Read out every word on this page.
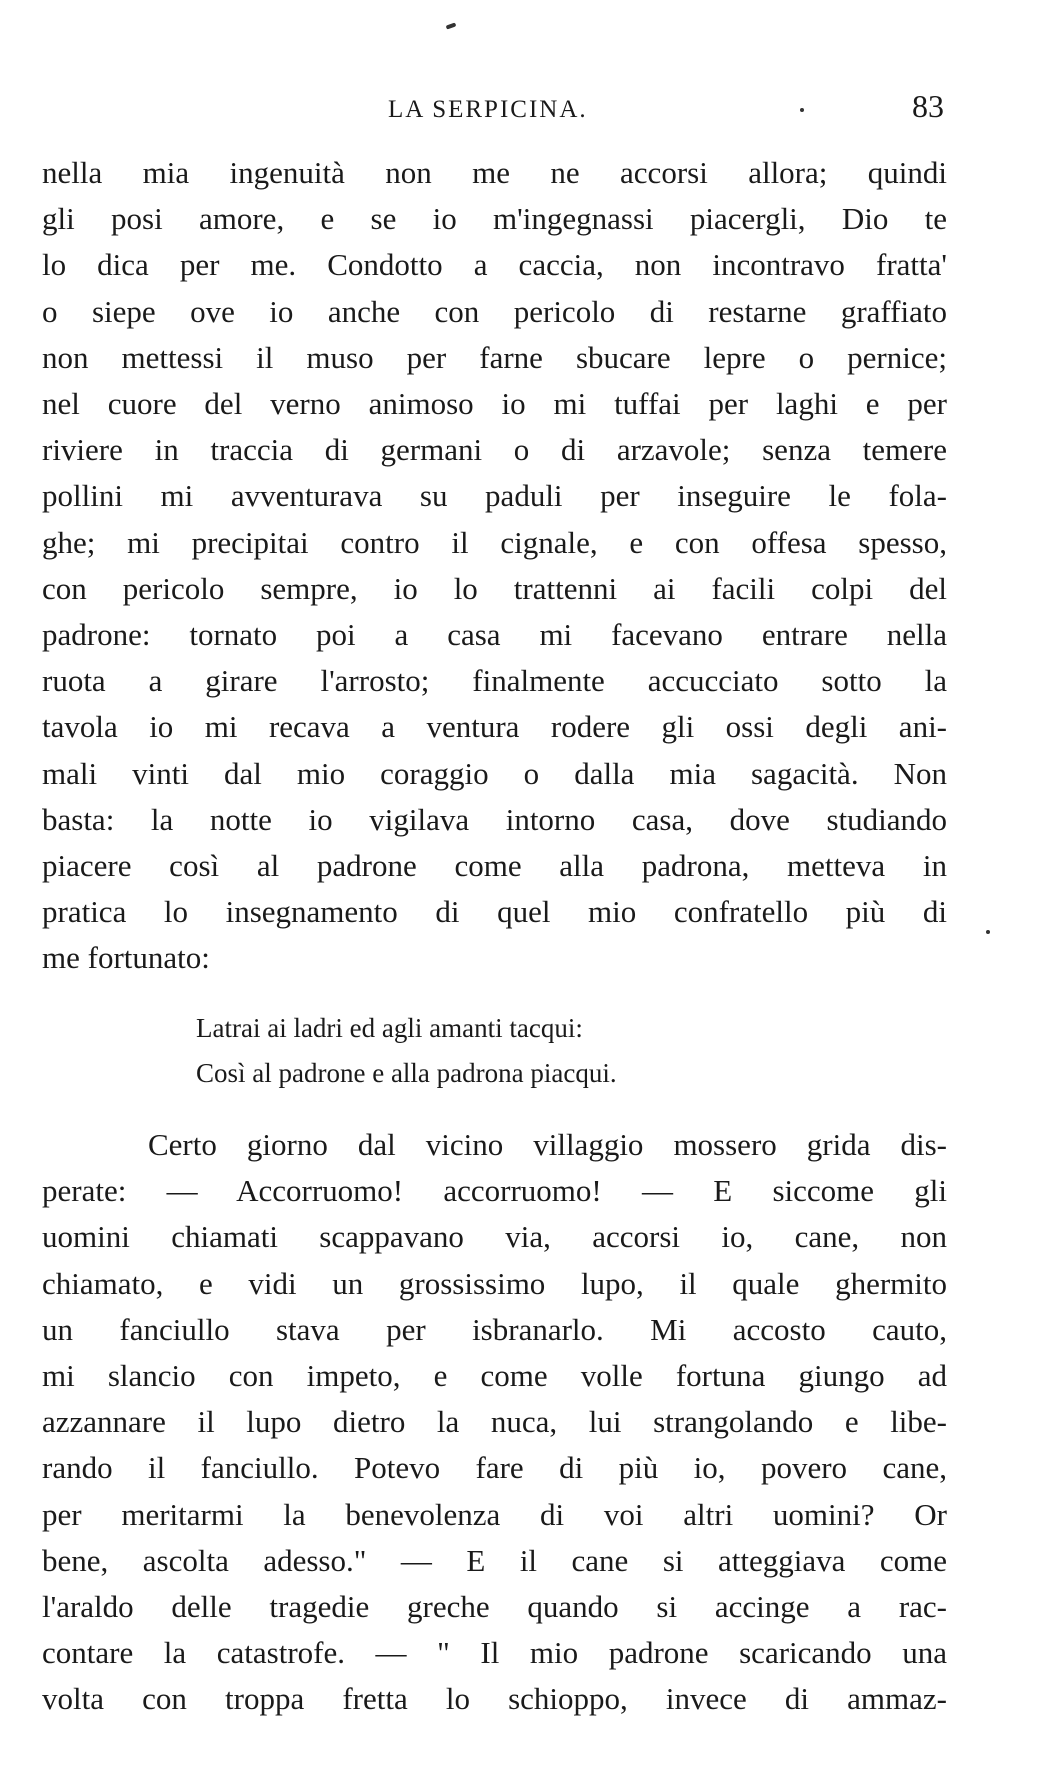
LA SERPICINA.	83
nella mia ingenuità non me ne accorsi allora; quindi
gli posi amore, e se io m'ingegnassi piacergli, Dio te
lo dica per me. Condotto a caccia, non incontravo fratta'
o siepe ove io anche con pericolo di restarne graffiato
non mettessi il muso per farne sbucare lepre o pernice;
nel cuore del verno animoso io mi tuffai per laghi e per
riviere in traccia di germani o di arzavole; senza temere
pollini mi avventurava su paduli per inseguire le fola-
ghe; mi precipitai contro il cignale, e con offesa spesso,
con pericolo sempre, io lo trattenni ai facili colpi del
padrone: tornato poi a casa mi facevano entrare nella
ruota a girare l'arrosto; finalmente accucciato sotto la
tavola io mi recava a ventura rodere gli ossi degli ani-
mali vinti dal mio coraggio o dalla mia sagacità. Non
basta: la notte io vigilava intorno casa, dove studiando
piacere così al padrone come alla padrona, metteva in
pratica lo insegnamento di quel mio confratello più di
me fortunato:
Latrai ai ladri ed agli amanti tacqui:
Così al padrone e alla padrona piacqui.
Certo giorno dal vicino villaggio mossero grida dis-
perate: — Accorruomo! accorruomo! — E siccome gli
uomini chiamati scappavano via, accorsi io, cane, non
chiamato, e vidi un grossissimo lupo, il quale ghermito
un fanciullo stava per isbranarlo. Mi accosto cauto,
mi slancio con impeto, e come volle fortuna giungo ad
azzannare il lupo dietro la nuca, lui strangolando e libe-
rando il fanciullo. Potevo fare di più io, povero cane,
per meritarmi la benevolenza di voi altri uomini? Or
bene, ascolta adesso." — E il cane si atteggiava come
l'araldo delle tragedie greche quando si accinge a rac-
contare la catastrofe. — " Il mio padrone scaricando una
volta con troppa fretta lo schioppo, invece di ammaz-
